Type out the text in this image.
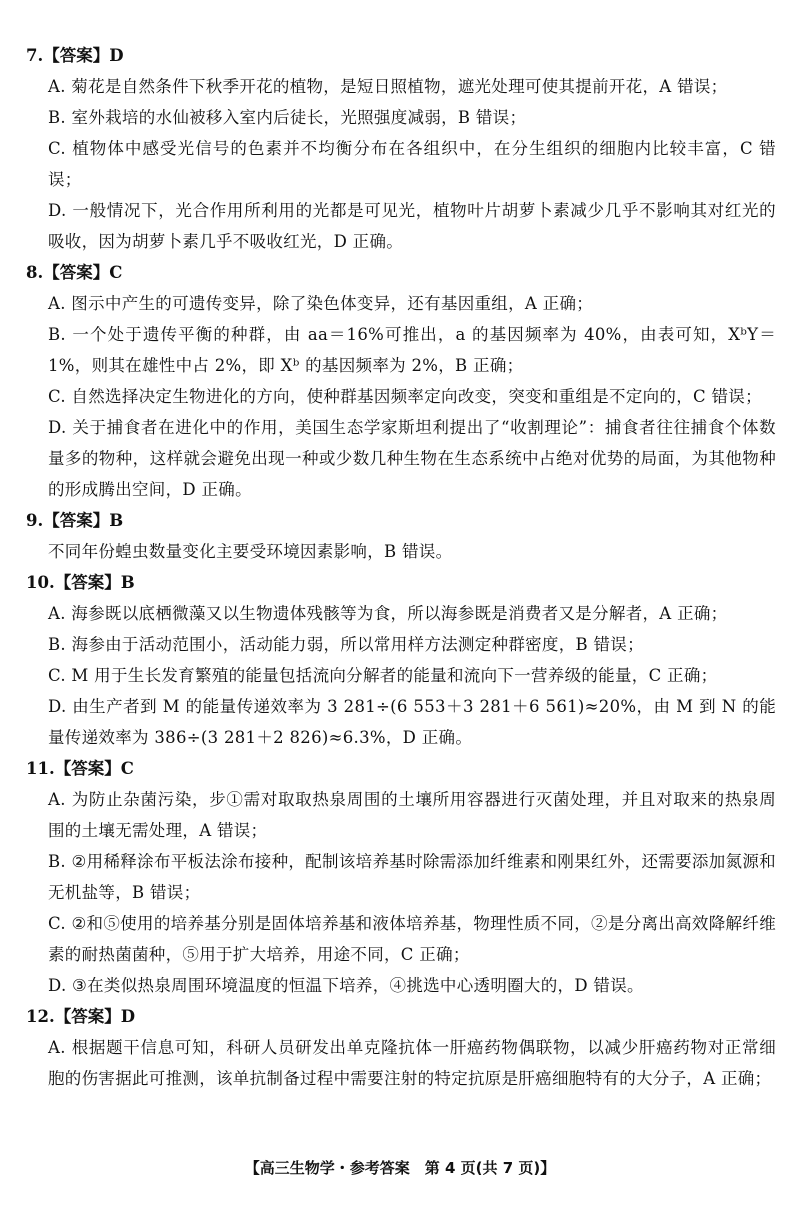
7.【答案】D
A. 菊花是自然条件下秋季开花的植物，是短日照植物，遮光处理可使其提前开花，A 错误；
B. 室外栽培的水仙被移入室内后徒长，光照强度减弱，B 错误；
C. 植物体中感受光信号的色素并不均衡分布在各组织中，在分生组织的细胞内比较丰富，C 错误；
D. 一般情况下，光合作用所利用的光都是可见光，植物叶片胡萝卜素减少几乎不影响其对红光的吸收，因为胡萝卜素几乎不吸收红光，D 正确。
8.【答案】C
A. 图示中产生的可遗传变异，除了染色体变异，还有基因重组，A 正确；
B. 一个处于遗传平衡的种群，由 aa＝16%可推出，a 的基因频率为 40%，由表可知，XᵇY＝1%，则其在雄性中占 2%，即 Xᵇ 的基因频率为 2%，B 正确；
C. 自然选择决定生物进化的方向，使种群基因频率定向改变，突变和重组是不定向的，C 错误；
D. 关于捕食者在进化中的作用，美国生态学家斯坦利提出了“收割理论”：捕食者往往捕食个体数量多的物种，这样就会避免出现一种或少数几种生物在生态系统中占绝对优势的局面，为其他物种的形成腾出空间，D 正确。
9.【答案】B
不同年份蝗虫数量变化主要受环境因素影响，B 错误。
10.【答案】B
A. 海参既以底栖微藻又以生物遗体残骸等为食，所以海参既是消费者又是分解者，A 正确；
B. 海参由于活动范围小，活动能力弱，所以常用样方法测定种群密度，B 错误；
C. M 用于生长发育繁殖的能量包括流向分解者的能量和流向下一营养级的能量，C 正确；
D. 由生产者到 M 的能量传递效率为 3 281÷(6 553＋3 281＋6 561)≈20%，由 M 到 N 的能量传递效率为 386÷(3 281＋2 826)≈6.3%，D 正确。
11.【答案】C
A. 为防止杂菌污染，步①需对取取热泉周围的土壤所用容器进行灭菌处理，并且对取来的热泉周围的土壤无需处理，A 错误；
B. ②用稀释涂布平板法涂布接种，配制该培养基时除需添加纤维素和刚果红外，还需要添加氮源和无机盐等，B 错误；
C. ②和⑤使用的培养基分别是固体培养基和液体培养基，物理性质不同，②是分离出高效降解纤维素的耐热菌菌种，⑤用于扩大培养，用途不同，C 正确；
D. ③在类似热泉周围环境温度的恒温下培养，④挑选中心透明圈大的，D 错误。
12.【答案】D
A. 根据题干信息可知，科研人员研发出单克隆抗体一肝癌药物偶联物，以减少肝癌药物对正常细胞的伤害据此可推测，该单抗制备过程中需要注射的特定抗原是肝癌细胞特有的大分子，A 正确；
【高三生物学・参考答案　第 4 页(共 7 页)】
